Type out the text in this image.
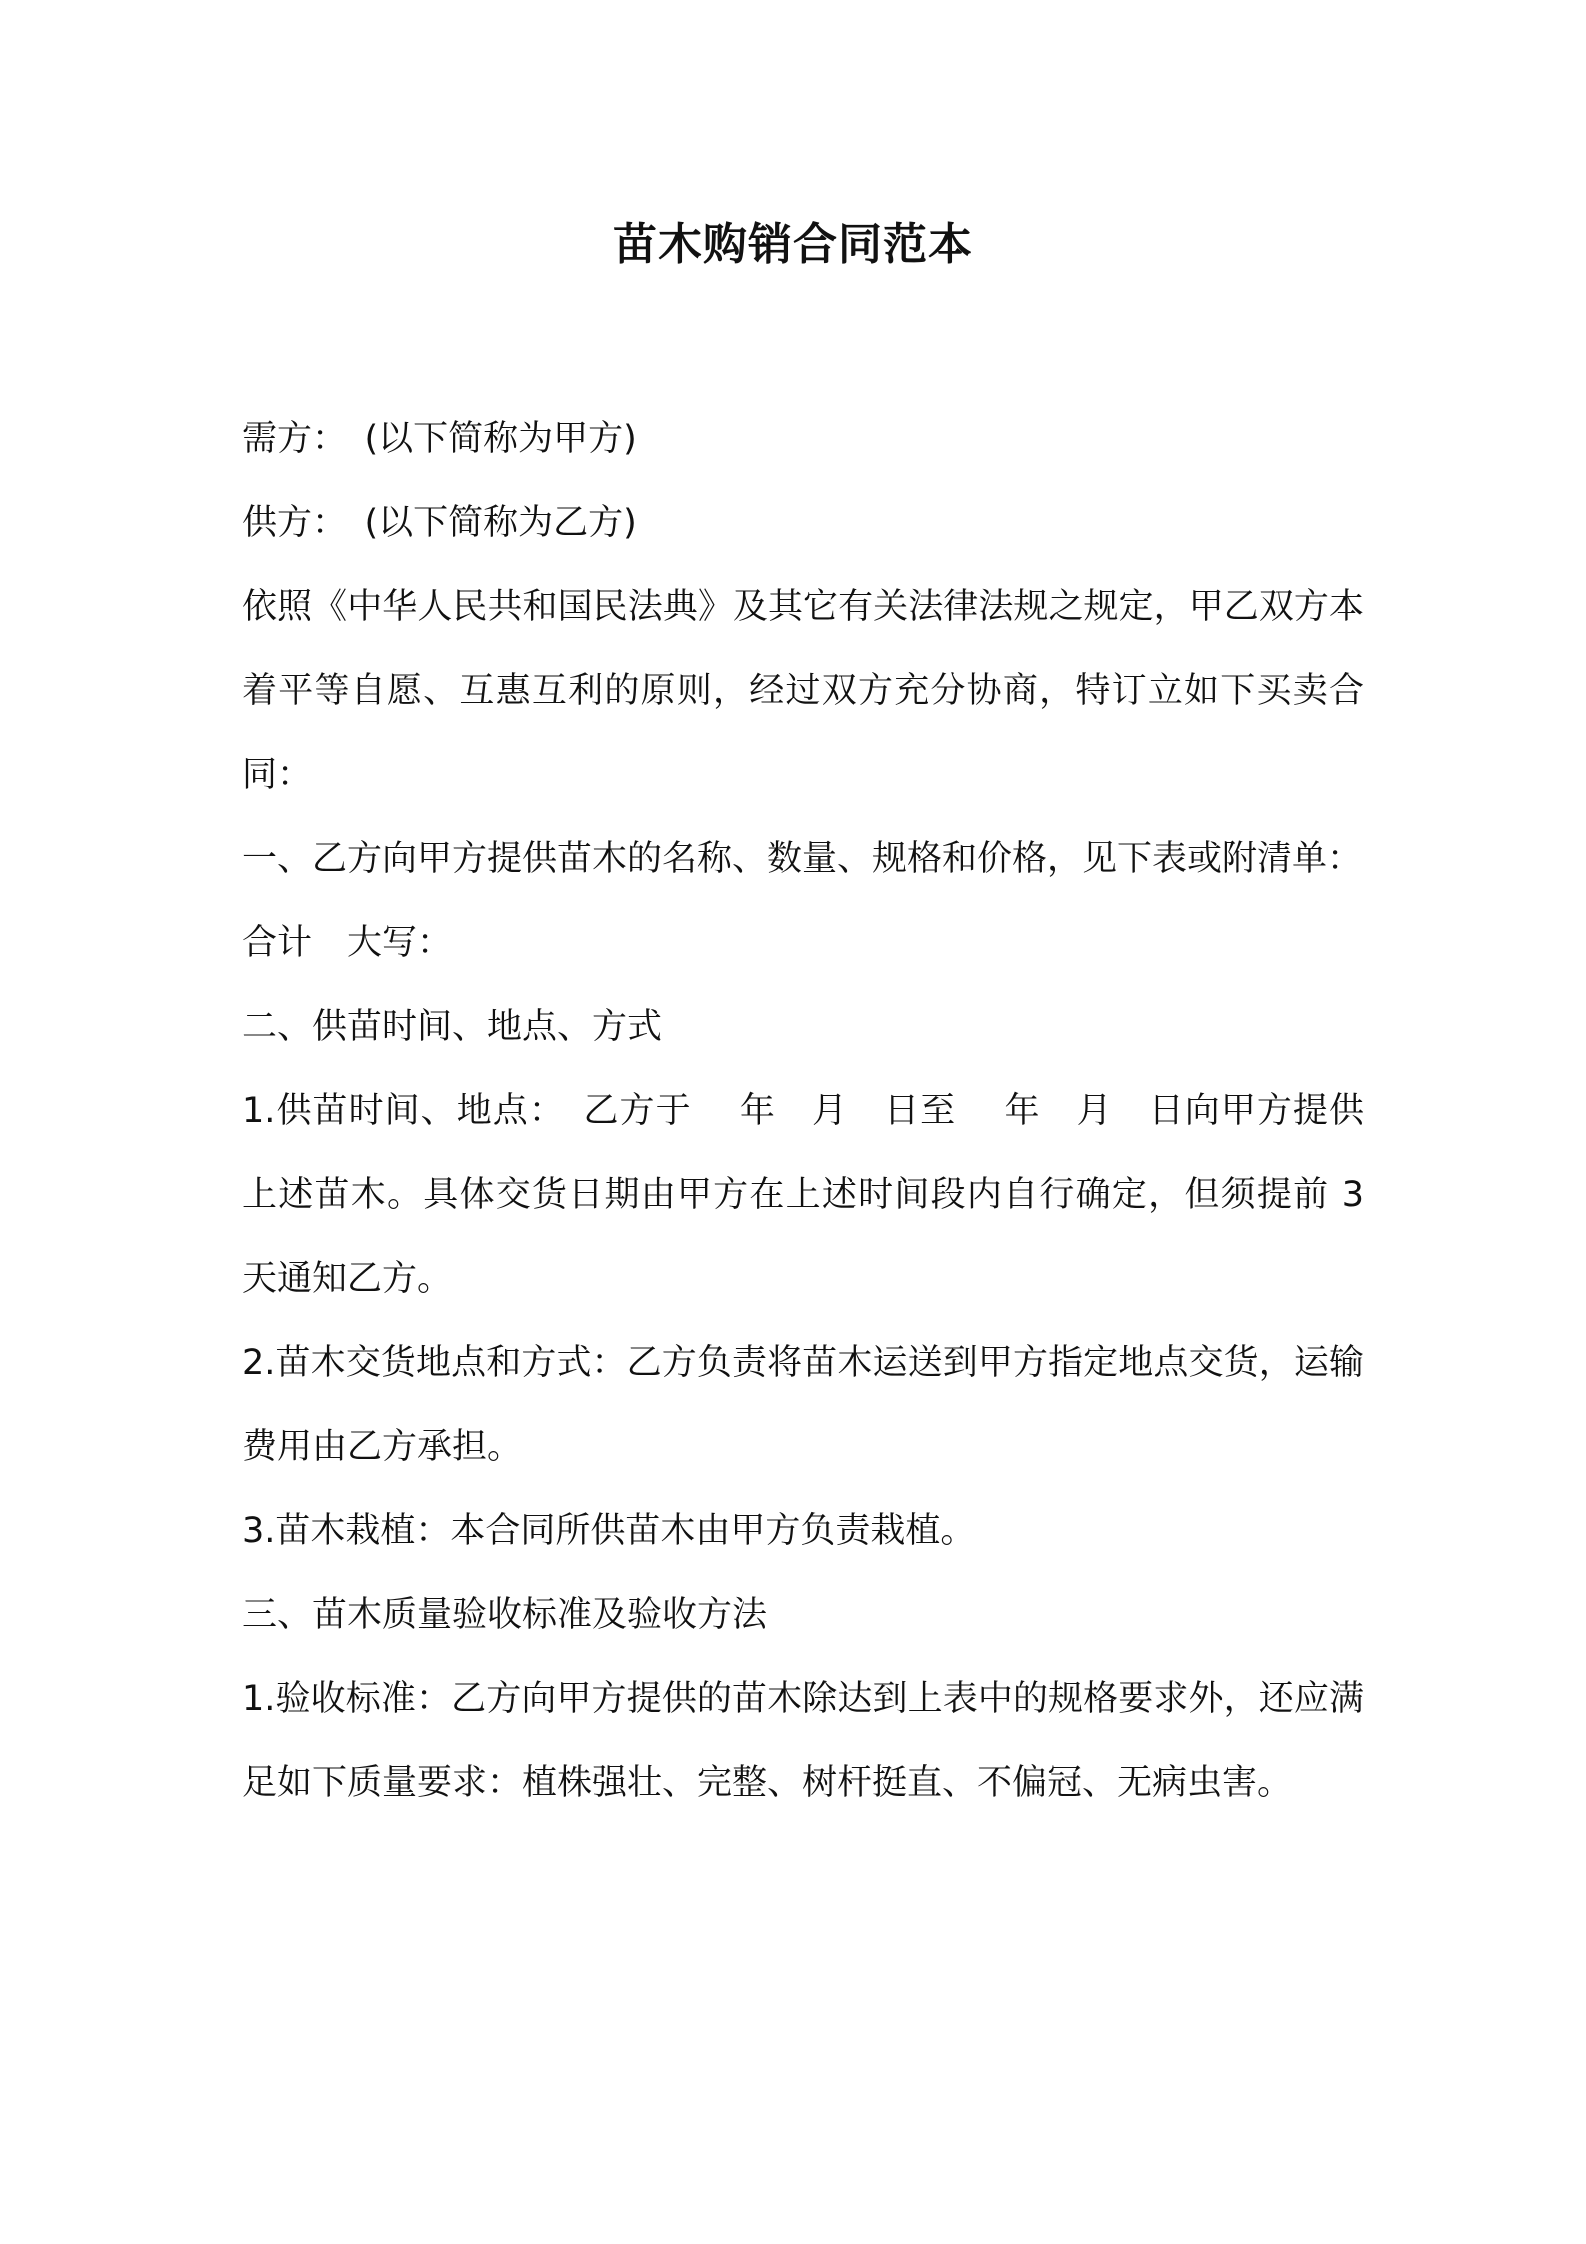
苗木购销合同范本

需方：　(以下简称为甲方)

供方：　(以下简称为乙方)

依照《中华人民共和国民法典》及其它有关法律法规之规定，甲乙双方本着平等自愿、互惠互利的原则，经过双方充分协商，特订立如下买卖合同：

一、乙方向甲方提供苗木的名称、数量、规格和价格，见下表或附清单：

合计　大写：

二、供苗时间、地点、方式

1.供苗时间、地点：　乙方于　 年　月　日至　 年　月　日向甲方提供上述苗木。具体交货日期由甲方在上述时间段内自行确定，但须提前 3 天通知乙方。

2.苗木交货地点和方式：乙方负责将苗木运送到甲方指定地点交货，运输费用由乙方承担。

3.苗木栽植：本合同所供苗木由甲方负责栽植。

三、苗木质量验收标准及验收方法

1.验收标准：乙方向甲方提供的苗木除达到上表中的规格要求外，还应满足如下质量要求：植株强壮、完整、树杆挺直、不偏冠、无病虫害。
